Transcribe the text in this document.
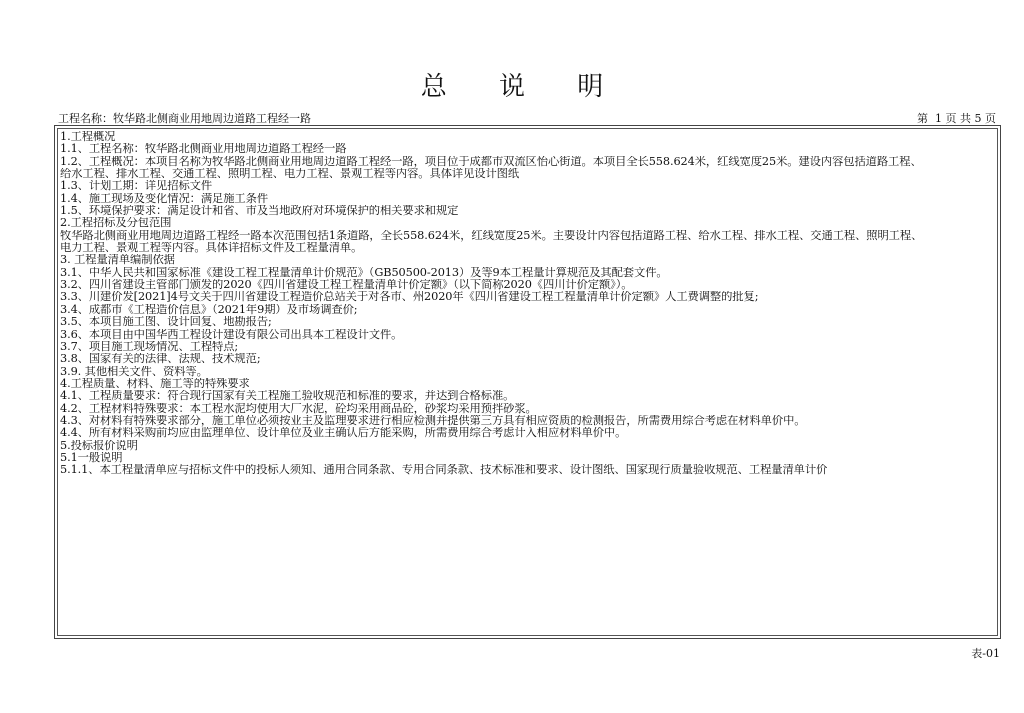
总 说 明
工程名称：牧华路北侧商业用地周边道路工程经一路	第  1 页 共 5 页
1.工程概况
1.1、工程名称：牧华路北侧商业用地周边道路工程经一路
1.2、工程概况：本项目名称为牧华路北侧商业用地周边道路工程经一路，项目位于成都市双流区怡心街道。本项目全长558.624米，红线宽度25米。建设内容包括道路工程、
给水工程、排水工程、交通工程、照明工程、电力工程、景观工程等内容。具体详见设计图纸
1.3、计划工期：详见招标文件
1.4、施工现场及变化情况：满足施工条件
1.5、环境保护要求：满足设计和省、市及当地政府对环境保护的相关要求和规定
2.工程招标及分包范围
牧华路北侧商业用地周边道路工程经一路本次范围包括1条道路，全长558.624米，红线宽度25米。主要设计内容包括道路工程、给水工程、排水工程、交通工程、照明工程、
电力工程、景观工程等内容。具体详招标文件及工程量清单。
3. 工程量清单编制依据
3.1、中华人民共和国家标准《建设工程工程量清单计价规范》（GB50500-2013）及等9本工程量计算规范及其配套文件。
3.2、四川省建设主管部门颁发的2020《四川省建设工程工程量清单计价定额》（以下简称2020《四川计价定额》）。
3.3、川建价发[2021]4号文关于四川省建设工程造价总站关于对各市、州2020年《四川省建设工程工程量清单计价定额》人工费调整的批复;
3.4、成都市《工程造价信息》（2021年9期）及市场调查价;
3.5、本项目施工图、设计回复、地勘报告;
3.6、本项目由中国华西工程设计建设有限公司出具本工程设计文件。
3.7、项目施工现场情况、工程特点;
3.8、国家有关的法律、法规、技术规范;
3.9. 其他相关文件、资料等。
4.工程质量、材料、施工等的特殊要求
4.1、工程质量要求：符合现行国家有关工程施工验收规范和标准的要求，并达到合格标准。
4.2、工程材料特殊要求：本工程水泥均使用大厂水泥，砼均采用商品砼，砂浆均采用预拌砂浆。
4.3、对材料有特殊要求部分，施工单位必须按业主及监理要求进行相应检测并提供第三方具有相应资质的检测报告，所需费用综合考虑在材料单价中。
4.4、所有材料采购前均应由监理单位、设计单位及业主确认后方能采购，所需费用综合考虑计入相应材料单价中。
5.投标报价说明
5.1一般说明
5.1.1、本工程量清单应与招标文件中的投标人须知、通用合同条款、专用合同条款、技术标准和要求、设计图纸、国家现行质量验收规范、工程量清单计价
表-01
